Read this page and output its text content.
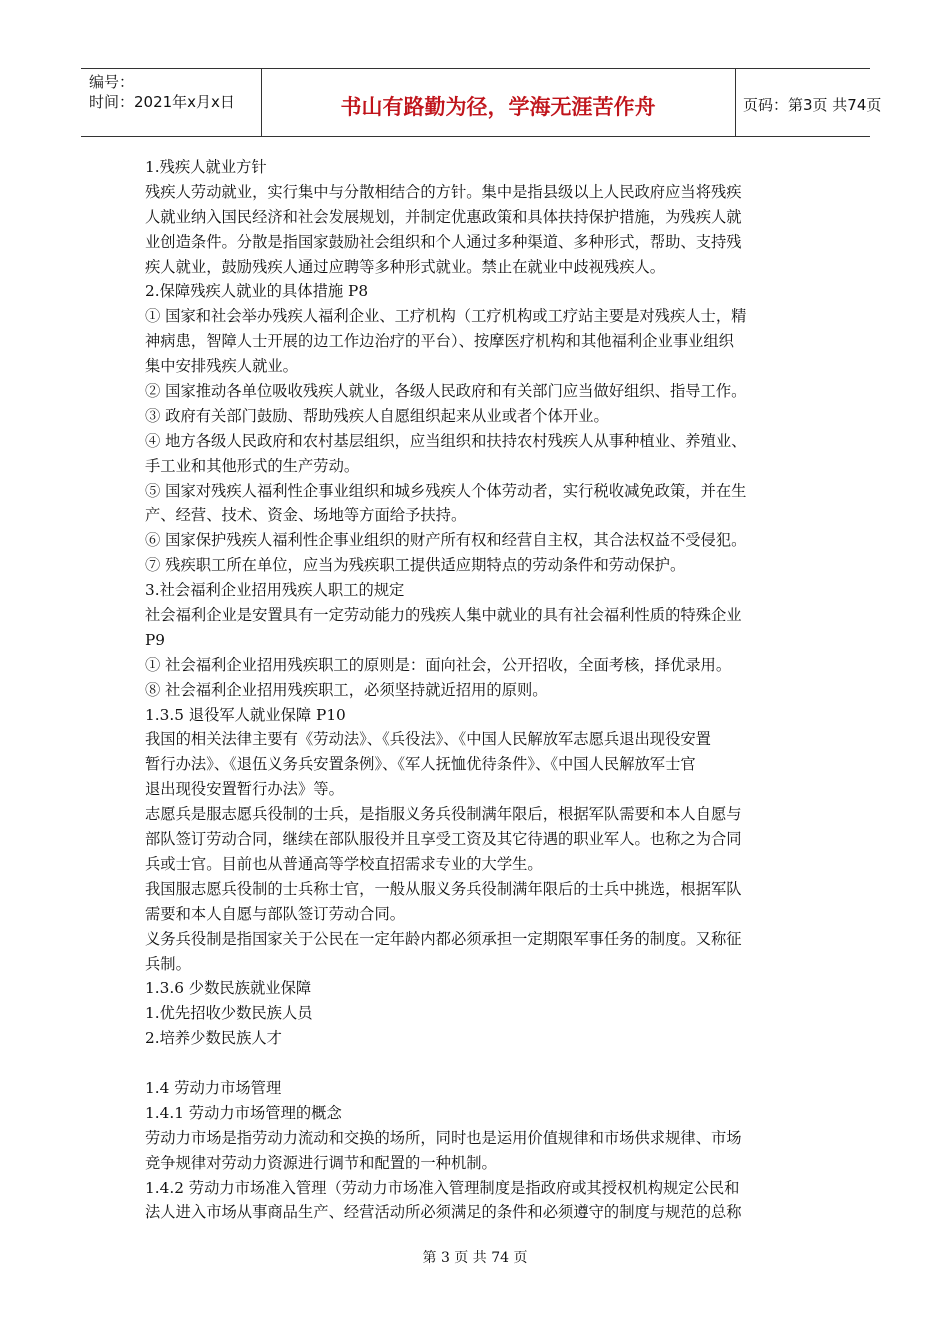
编号：
时间：2021年x月x日	书山有路勤为径，学海无涯苦作舟	页码：第3页 共74页
1.残疾人就业方针
残疾人劳动就业，实行集中与分散相结合的方针。集中是指县级以上人民政府应当将残疾
人就业纳入国民经济和社会发展规划，并制定优惠政策和具体扶持保护措施，为残疾人就
业创造条件。分散是指国家鼓励社会组织和个人通过多种渠道、多种形式，帮助、支持残
疾人就业，鼓励残疾人通过应聘等多种形式就业。禁止在就业中歧视残疾人。
2.保障残疾人就业的具体措施 P8
① 国家和社会举办残疾人福利企业、工疗机构（工疗机构或工疗站主要是对残疾人士，精
神病患，智障人士开展的边工作边治疗的平台）、按摩医疗机构和其他福利企业事业组织
集中安排残疾人就业。
② 国家推动各单位吸收残疾人就业，各级人民政府和有关部门应当做好组织、指导工作。
③ 政府有关部门鼓励、帮助残疾人自愿组织起来从业或者个体开业。
④ 地方各级人民政府和农村基层组织，应当组织和扶持农村残疾人从事种植业、养殖业、
手工业和其他形式的生产劳动。
⑤ 国家对残疾人福利性企事业组织和城乡残疾人个体劳动者，实行税收减免政策，并在生
产、经营、技术、资金、场地等方面给予扶持。
⑥ 国家保护残疾人福利性企事业组织的财产所有权和经营自主权，其合法权益不受侵犯。
⑦ 残疾职工所在单位，应当为残疾职工提供适应期特点的劳动条件和劳动保护。
3.社会福利企业招用残疾人职工的规定
社会福利企业是安置具有一定劳动能力的残疾人集中就业的具有社会福利性质的特殊企业
P9
① 社会福利企业招用残疾职工的原则是：面向社会，公开招收，全面考核，择优录用。
⑧ 社会福利企业招用残疾职工，必须坚持就近招用的原则。
1.3.5 退役军人就业保障 P10
我国的相关法律主要有《劳动法》、《兵役法》、《中国人民解放军志愿兵退出现役安置
暂行办法》、《退伍义务兵安置条例》、《军人抚恤优待条件》、《中国人民解放军士官
退出现役安置暂行办法》等。
志愿兵是服志愿兵役制的士兵，是指服义务兵役制满年限后，根据军队需要和本人自愿与
部队签订劳动合同，继续在部队服役并且享受工资及其它待遇的职业军人。也称之为合同
兵或士官。目前也从普通高等学校直招需求专业的大学生。
我国服志愿兵役制的士兵称士官，一般从服义务兵役制满年限后的士兵中挑选，根据军队
需要和本人自愿与部队签订劳动合同。
义务兵役制是指国家关于公民在一定年龄内都必须承担一定期限军事任务的制度。又称征
兵制。
1.3.6 少数民族就业保障
1.优先招收少数民族人员
2.培养少数民族人才
1.4 劳动力市场管理
1.4.1 劳动力市场管理的概念
劳动力市场是指劳动力流动和交换的场所，同时也是运用价值规律和市场供求规律、市场
竞争规律对劳动力资源进行调节和配置的一种机制。
1.4.2 劳动力市场准入管理（劳动力市场准入管理制度是指政府或其授权机构规定公民和
法人进入市场从事商品生产、经营活动所必须满足的条件和必须遵守的制度与规范的总称
第 3 页 共 74 页
